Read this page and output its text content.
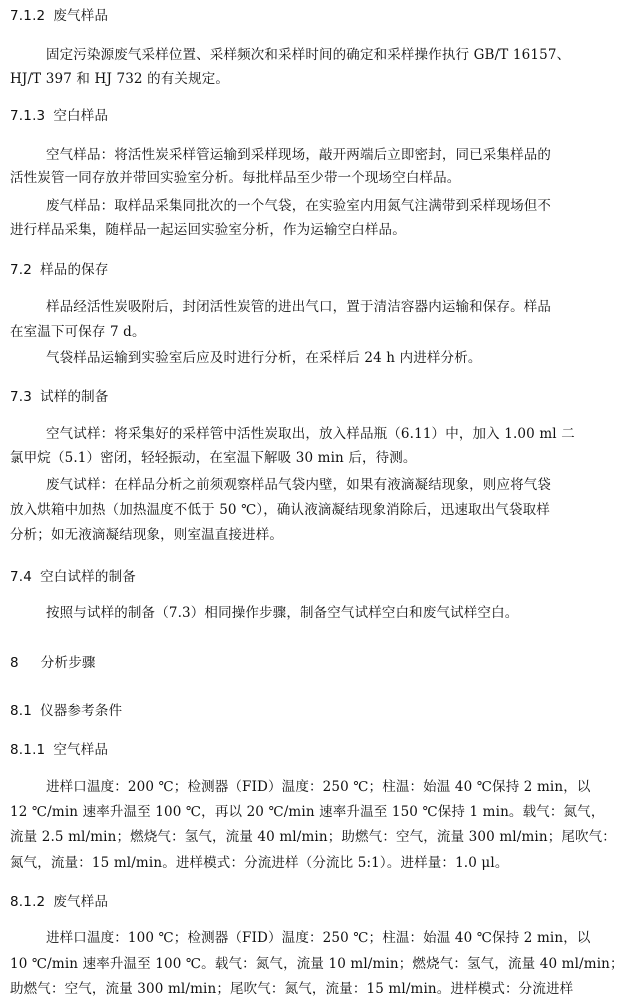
7.1.2 废气样品
固定污染源废气采样位置、采样频次和采样时间的确定和采样操作执行 GB/T 16157、
HJ/T 397 和 HJ 732 的有关规定。
7.1.3 空白样品
空气样品：将活性炭采样管运输到采样现场，敲开两端后立即密封，同已采集样品的
活性炭管一同存放并带回实验室分析。每批样品至少带一个现场空白样品。
废气样品：取样品采集同批次的一个气袋，在实验室内用氮气注满带到采样现场但不
进行样品采集，随样品一起运回实验室分析，作为运输空白样品。
7.2 样品的保存
样品经活性炭吸附后，封闭活性炭管的进出气口，置于清洁容器内运输和保存。样品
在室温下可保存 7 d。
气袋样品运输到实验室后应及时进行分析，在采样后 24 h 内进样分析。
7.3 试样的制备
空气试样：将采集好的采样管中活性炭取出，放入样品瓶（6.11）中，加入 1.00 ml 二
氯甲烷（5.1）密闭，轻轻振动，在室温下解吸 30 min 后，待测。
废气试样：在样品分析之前须观察样品气袋内壁，如果有液滴凝结现象，则应将气袋
放入烘箱中加热（加热温度不低于 50 ℃），确认液滴凝结现象消除后，迅速取出气袋取样
分析；如无液滴凝结现象，则室温直接进样。
7.4 空白试样的制备
按照与试样的制备（7.3）相同操作步骤，制备空气试样空白和废气试样空白。
8 分析步骤
8.1 仪器参考条件
8.1.1 空气样品
进样口温度：200 ℃；检测器（FID）温度：250 ℃；柱温：始温 40 ℃保持 2 min，以
12 ℃/min 速率升温至 100 ℃，再以 20 ℃/min 速率升温至 150 ℃保持 1 min。载气：氮气，
流量 2.5 ml/min；燃烧气：氢气，流量 40 ml/min；助燃气：空气，流量 300 ml/min；尾吹气：
氮气，流量：15 ml/min。进样模式：分流进样（分流比 5:1）。进样量：1.0 μl。
8.1.2 废气样品
进样口温度：100 ℃；检测器（FID）温度：250 ℃；柱温：始温 40 ℃保持 2 min，以
10 ℃/min 速率升温至 100 ℃。载气：氮气，流量 10 ml/min；燃烧气：氢气，流量 40 ml/min；
助燃气：空气，流量 300 ml/min；尾吹气：氮气，流量：15 ml/min。进样模式：分流进样
